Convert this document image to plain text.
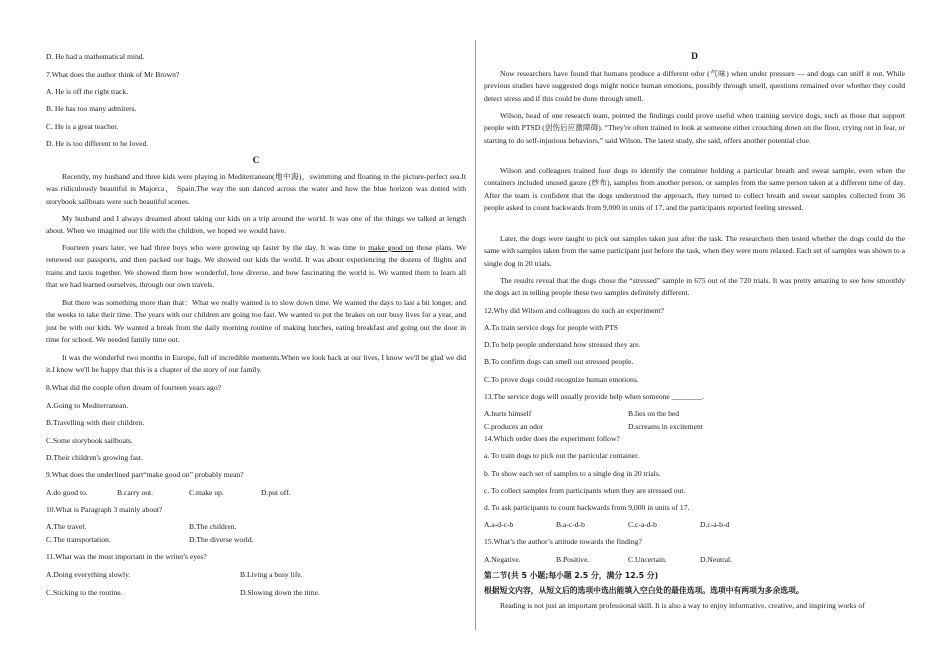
D. He had a mathematical mind.
7.What does the author think of Mr Brown?
A. He is off the right track.
B. He has too many admirers.
C. He is a great teacher.
D. He is too different to be loved.
C

Recently, my husband and three kids were playing in Mediterranean(地中海)，swimming and floating in the picture-perfect sea.It was ridiculously beautiful in Majorca， Spain.The way the sun danced across the water and how the blue horizon was dotted with storybook sailboats were such beautiful scenes.

My husband and I always dreamed about taking our kids on a trip around the world. It was one of the things we talked at length about. When we imagined our life with the children, we hoped we would have.

Fourteen years later, we had three boys who were growing up faster by the day. It was time to make good on those plans. We renewed our passports, and then packed our bags. We showed our kids the world. It was about experiencing the dozens of flights and trains and taxis together. We showed them how wonderful, how diverse, and how fascinating the world is. We wanted them to learn all that we had learned ourselves, through our own travels.

But there was something more than that：What we really wanted is to slow down time. We wanted the days to last a bit longer, and the weeks to take their time. The years with our children are going too fast. We wanted to put the brakes on our busy lives for a year, and just be with our kids. We wanted a break from the daily morning routine of making lunches, eating breakfast and going out the door in time for school. We needed family time out.

It was the wonderful two months in Europe, full of incredible moments.When we look back at our lives, I know we'll be glad we did it.I know we'll be happy that this is a chapter of the story of our family.

8.What did the couple often dream of fourteen years ago?
A.Going to Mediterranean.
B.Travelling with their children.
C.Some storybook sailboats.
D.Their children's growing fast.
9.What does the underlined part“make good on” probably mean?
A.do good to.	B.carry out.	C.make up.	D.put off.
10.What is Paragraph 3 mainly about?
A.The travel.	B.The children.
C.The transportation.	D.The diverse world.
11.What was the most important in the writer's eyes?
A.Doing everything slowly.	B.Living a busy life.
C.Sticking to the routine.	D.Slowing down the time.
D

Now researchers have found that humans produce a different odor (气味) when under pressure — and dogs can sniff it out. While previous studies have suggested dogs might notice human emotions, possibly through smell, questions remained over whether they could detect stress and if this could be done through smell.

Wilson, head of one research team, pointed the findings could prove useful when training service dogs, such as those that support people with PTSD (创伤后应激障碍). “They're often trained to look at someone either crouching down on the floor, crying out in fear, or starting to do self-injurious behaviors,” said Wilson. The latest study, she said, offers another potential clue.

Wilson and colleagues trained four dogs to identify the container holding a particular breath and sweat sample, even when the containers included unused gauze (纱布), samples from another person, or samples from the same person taken at a different time of day. After the team is confident that the dogs understood the approach, they turned to collect breath and sweat samples collected from 36 people asked to count backwards from 9,000 in units of 17, and the participants reported feeling stressed.

Later, the dogs were taught to pick out samples taken just after the task. The researchers then tested whether the dogs could do the same with samples taken from the same participant just before the task, when they were more relaxed. Each set of samples was shown to a single dog in 20 trials.

The results reveal that the dogs chose the “stressed” sample in 675 out of the 720 trials. It was pretty amazing to see how smoothly the dogs act in telling people these two samples definitely different.

12.Why did Wilson and colleagues do such an experiment?
A.To train service dogs for people with PTS
D.To help people understand how stressed they are.
B.To confirm dogs can smell out stressed people.
C.To prove dogs could recognize human emotions.
13.The service dogs will usually provide help when someone ________.
A.hurts himself	B.lies on the bed
C.produces an odor	D.screams in excitement
14.Which order does the experiment follow?
a. To train dogs to pick out the particular container.
b. To show each set of samples to a single dog in 20 trials.
c. To collect samples from participants when they are stressed out.
d. To ask participants to count backwards from 9,000 in units of 17.
A.a-d-c-b	B.a-c-d-b	C.c-a-d-b	D.c-a-b-d
15.What’s the author’s attitude towards the finding?
A.Negative.	B.Positive.	C.Uncertain.	D.Neutral.
第二节(共 5 小题;每小题 2.5 分，满分 12.5 分)
根据短文内容，从短文后的选项中选出能填入空白处的最佳选项。选项中有两项为多余选项。
Reading is not just an important professional skill. It is also a way to enjoy informative, creative, and inspiring works of
